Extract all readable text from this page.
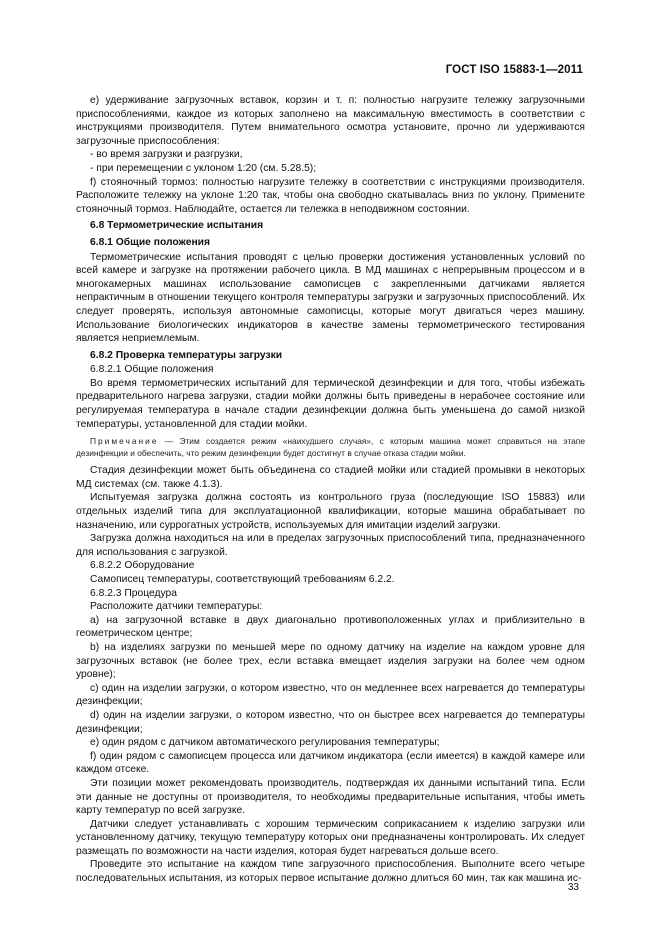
ГОСТ ISO 15883-1—2011
е) удерживание загрузочных вставок, корзин и т. п: полностью нагрузите тележку загрузочными приспособлениями, каждое из которых заполнено на максимальную вместимость в соответствии с инструкциями производителя. Путем внимательного осмотра установите, прочно ли удерживаются загрузочные приспособления:
- во время загрузки и разгрузки,
- при перемещении с уклоном 1:20 (см. 5.28.5);
f) стояночный тормоз: полностью нагрузите тележку в соответствии с инструкциями производителя. Расположите тележку на уклоне 1:20 так, чтобы она свободно скатывалась вниз по уклону. Примените стояночный тормоз. Наблюдайте, остается ли тележка в неподвижном состоянии.
6.8 Термометрические испытания
6.8.1 Общие положения
Термометрические испытания проводят с целью проверки достижения установленных условий по всей камере и загрузке на протяжении рабочего цикла. В МД машинах с непрерывным процессом и в многокамерных машинах использование самописцев с закрепленными датчиками является непрактичным в отношении текущего контроля температуры загрузки и загрузочных приспособлений. Их следует проверять, используя автономные самописцы, которые могут двигаться через машину. Использование биологических индикаторов в качестве замены термометрического тестирования является неприемлемым.
6.8.2 Проверка температуры загрузки
6.8.2.1 Общие положения
Во время термометрических испытаний для термической дезинфекции и для того, чтобы избежать предварительного нагрева загрузки, стадии мойки должны быть приведены в нерабочее состояние или регулируемая температура в начале стадии дезинфекции должна быть уменьшена до самой низкой температуры, установленной для стадии мойки.
Примечание — Этим создается режим «наихудшего случая», с которым машина может справиться на этапе дезинфекции и обеспечить, что режим дезинфекции будет достигнут в случае отказа стадии мойки.
Стадия дезинфекции может быть объединена со стадией мойки или стадией промывки в некоторых МД системах (см. также 4.1.3).
Испытуемая загрузка должна состоять из контрольного груза (последующие ISO 15883) или отдельных изделий типа для эксплуатационной квалификации, которые машина обрабатывает по назначению, или суррогатных устройств, используемых для имитации изделий загрузки.
Загрузка должна находиться на или в пределах загрузочных приспособлений типа, предназначенного для использования с загрузкой.
6.8.2.2 Оборудование
Самописец температуры, соответствующий требованиям 6.2.2.
6.8.2.3 Процедура
Расположите датчики температуры:
a) на загрузочной вставке в двух диагонально противоположенных углах и приблизительно в геометрическом центре;
b) на изделиях загрузки по меньшей мере по одному датчику на изделие на каждом уровне для загрузочных вставок (не более трех, если вставка вмещает изделия загрузки на более чем одном уровне);
c) один на изделии загрузки, о котором известно, что он медленнее всех нагревается до температуры дезинфекции;
d) один на изделии загрузки, о котором известно, что он быстрее всех нагревается до температуры дезинфекции;
e) один рядом с датчиком автоматического регулирования температуры;
f) один рядом с самописцем процесса или датчиком индикатора (если имеется) в каждой камере или каждом отсеке.
Эти позиции может рекомендовать производитель, подтверждая их данными испытаний типа. Если эти данные не доступны от производителя, то необходимы предварительные испытания, чтобы иметь карту температур по всей загрузке.
Датчики следует устанавливать с хорошим термическим соприкасанием к изделию загрузки или установленному датчику, текущую температуру которых они предназначены контролировать. Их следует размещать по возможности на части изделия, которая будет нагреваться дольше всего.
Проведите это испытание на каждом типе загрузочного приспособления. Выполните всего четыре последовательных испытания, из которых первое испытание должно длиться 60 мин, так как машина ис-
33
